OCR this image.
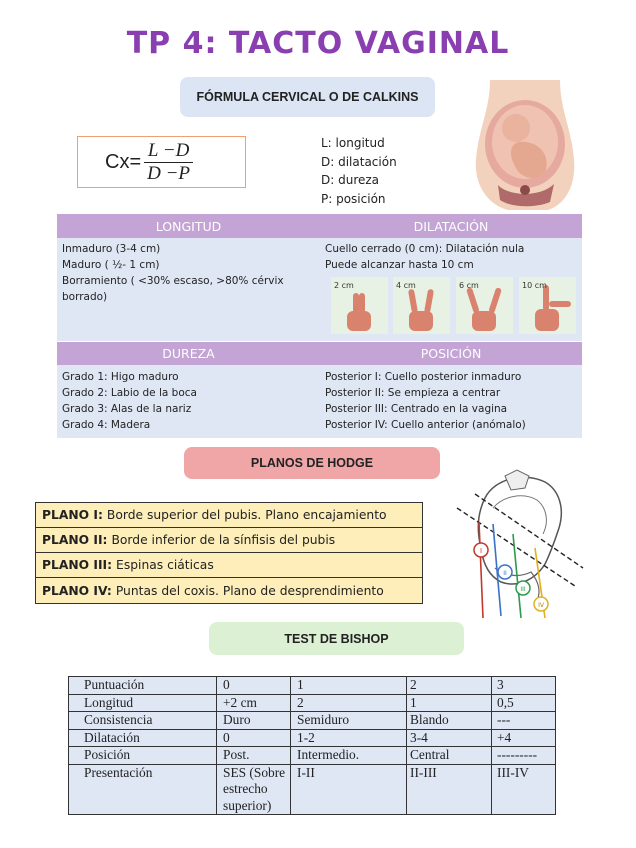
TP 4: TACTO VAGINAL
FÓRMULA CERVICAL O DE CALKINS
$Cx= \frac{L -D}{D -P}$	L: longitud
D: dilatación
D: dureza
P: posición
LONGITUD	DILATACIÓN
Inmaduro (3-4 cm)
Maduro ( ½- 1 cm)
Borramiento ( <30% escaso, >80% cérvix borrado)
Cuello cerrado (0 cm): Dilatación nula
Puede alcanzar hasta 10 cm
2 cm	4 cm	6 cm	10 cm
DUREZA	POSICIÓN
Grado 1: Higo maduro
Grado 2: Labio de la boca
Grado 3: Alas de la nariz
Grado 4: Madera
Posterior I: Cuello posterior inmaduro
Posterior II: Se empieza a centrar
Posterior III: Centrado en la vagina
Posterior IV: Cuello anterior (anómalo)
PLANOS DE HODGE
PLANO I: Borde superior del pubis. Plano encajamiento
PLANO II: Borde inferior de la sínfisis del pubis
PLANO III: Espinas ciáticas
PLANO IV: Puntas del coxis. Plano de desprendimiento
I
II
III
IV
TEST DE BISHOP
Puntuación	0	1	2	3
Longitud	+2 cm	2	1	0,5
Consistencia	Duro	Semiduro	Blando	---
Dilatación	0	1-2	3-4	+4
Posición	Post.	Intermedio.	Central	---------
Presentación	SES (Sobre estrecho superior)	I-II	II-III	III-IV
